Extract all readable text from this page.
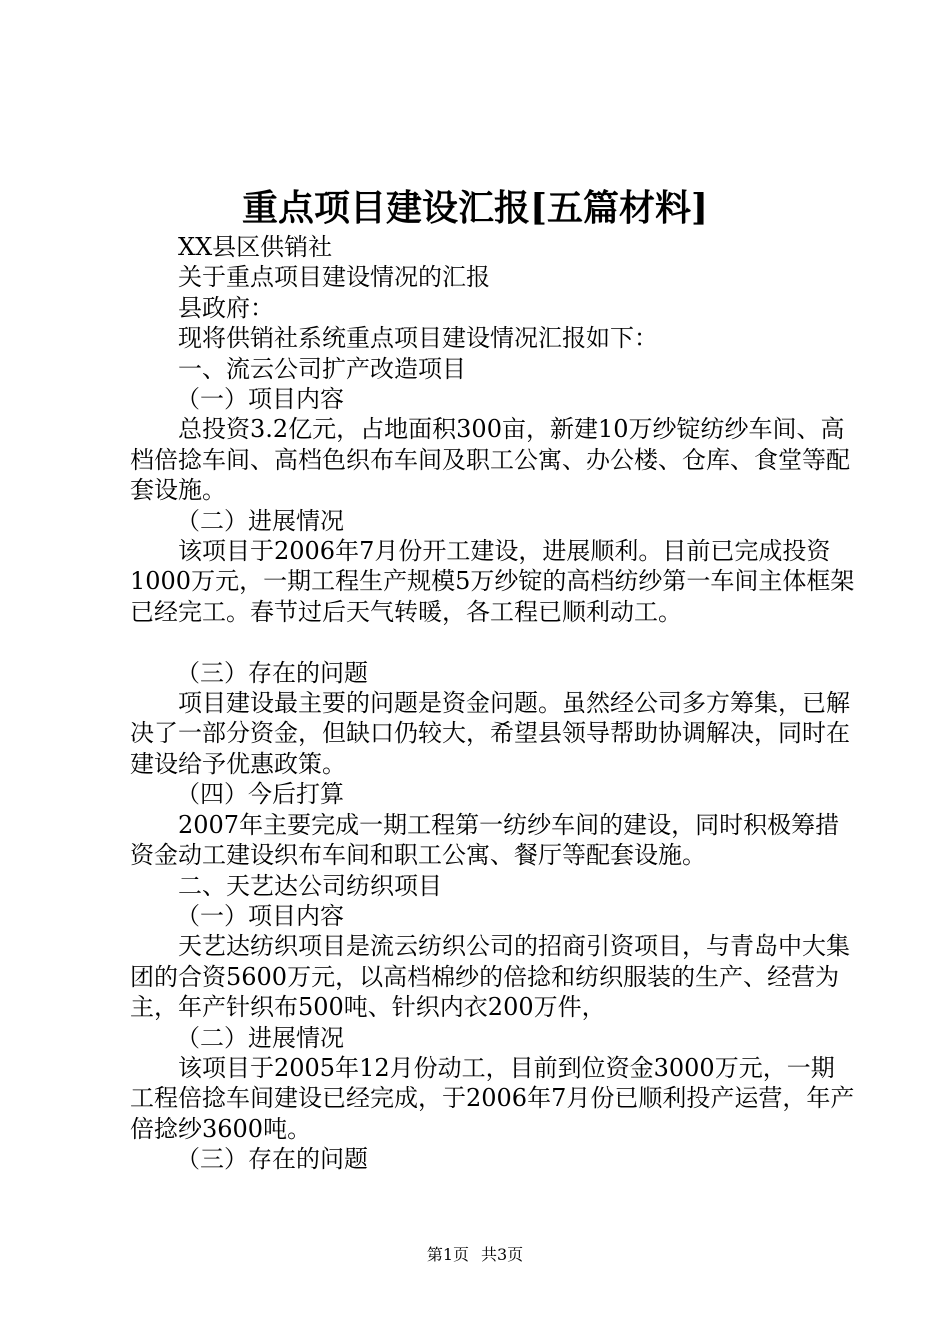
重点项目建设汇报[五篇材料]

XX县区供销社

关于重点项目建设情况的汇报

县政府：

现将供销社系统重点项目建设情况汇报如下：

一、流云公司扩产改造项目

（一）项目内容

总投资3.2亿元，占地面积300亩，新建10万纱锭纺纱车间、高档倍捻车间、高档色织布车间及职工公寓、办公楼、仓库、食堂等配套设施。

（二）进展情况

该项目于2006年7月份开工建设，进展顺利。目前已完成投资1000万元，一期工程生产规模5万纱锭的高档纺纱第一车间主体框架已经完工。春节过后天气转暖，各工程已顺利动工。

（三）存在的问题

项目建设最主要的问题是资金问题。虽然经公司多方筹集，已解决了一部分资金，但缺口仍较大，希望县领导帮助协调解决，同时在建设给予优惠政策。

（四）今后打算

2007年主要完成一期工程第一纺纱车间的建设，同时积极筹措资金动工建设织布车间和职工公寓、餐厅等配套设施。

二、天艺达公司纺织项目

（一）项目内容

天艺达纺织项目是流云纺织公司的招商引资项目，与青岛中大集团的合资5600万元，以高档棉纱的倍捻和纺织服装的生产、经营为主，年产针织布500吨、针织内衣200万件，

（二）进展情况

该项目于2005年12月份动工，目前到位资金3000万元，一期工程倍捻车间建设已经完成，于2006年7月份已顺利投产运营，年产倍捻纱3600吨。

（三）存在的问题

第1页 共3页
